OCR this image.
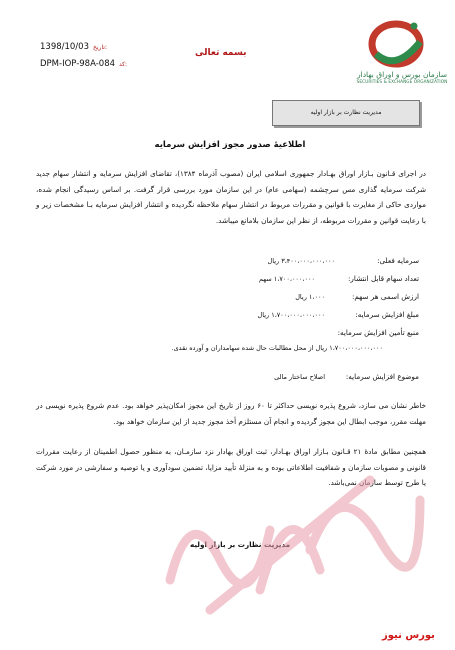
سازمان بورس و اوراق بهادار
SECURITIES & EXCHANGE ORGANIZATION
بسمه تعالی
1398/10/03 تاریخ:
DPM-IOP-98A-084 کد:
مدیریت نظارت بر بازار اولیه
اطلاعیۀ صدور مجوز افزایش سرمایه
در اجرای قـانون بـازار اوراق بهـادار جمهوری اسلامی ایران (مصوب آذرماه ۱۳۸۴)، تقاضای افزایش سرمایه و انتشار سهام جدید شرکت سرمایه گذاری مس سرچشمه (سهامی عام) در این سازمان مورد بررسی قرار گرفت. بر اساس رسیدگی انجام شده، مواردی حاکی از مغایرت با قوانین و مقررات مربوط در انتشار سهام ملاحظه نگردیده و انتشار افزایش سرمایه بـا مشخصات زیر و با رعایت قوانین و مقررات مربوطه، از نظر این سازمان بلامانع میباشد.
سرمایه فعلی:
۳،۴۰۰،۰۰۰،۰۰۰،۰۰۰ ریال
تعداد سهام قابل انتشار:
۱،۷۰۰،۰۰۰،۰۰۰ سهم
ارزش اسمی هر سهم:
۱،۰۰۰ ریال
مبلغ افزایش سرمایه:
۱،۷۰۰،۰۰۰،۰۰۰،۰۰۰ ریال
منبع تأمین افزایش سرمایه:
۱،۷۰۰،۰۰۰،۰۰۰،۰۰۰ ریال از محل مطالبات حال شده سهامداران و آورده نقدی.
موضوع افزایش سرمایه:
اصلاح ساختار مالی
خاطر نشان می سازد، شروع پذیره نویسی حداکثر تا ۶۰ روز از تاریخ این مجوز امکان‌پذیر خواهد بود. عدم شروع پذیره نویسی در مهلت مقرر، موجب ابطال این مجوز گردیده و انجام آن مستلزم أخذ مجوز جدید از این سازمان خواهد بود.
همچنین مطابق مادۀ ۲۱ قـانون بـازار اوراق بهـادار، ثبت اوراق بهادار نزد سازمـان، به منظور حصول اطمینان از رعایت مقررات قانونی و مصوبات سازمان و شفافیت اطلاعاتی بوده و به منزلۀ تأیید مزایا، تضمین سودآوری و یا توصیه و سفارشی در مورد شرکت یا طرح توسط سازمان نمی‌باشد.
مدیریت نظارت بر بازار اولیه
بورس نیوز
